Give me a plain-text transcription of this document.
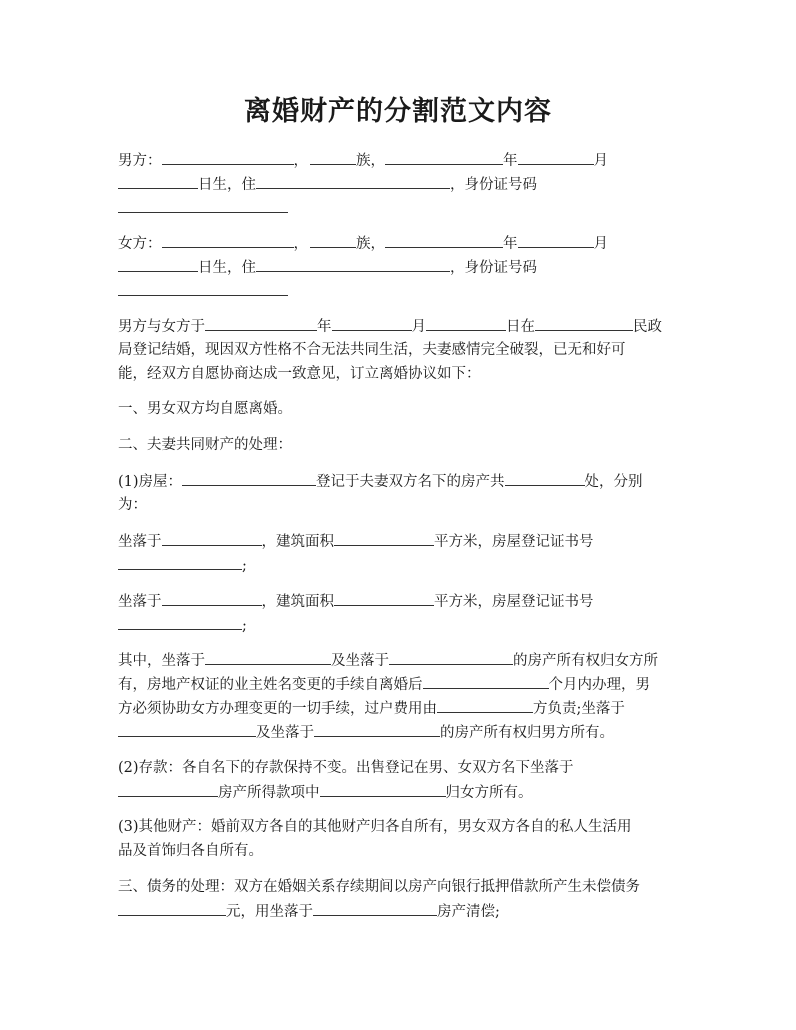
离婚财产的分割范文内容
男方：	，	族，	年	月
日生，住	，身份证号码
女方：	，	族，	年	月
日生，住	，身份证号码
男方与女方于	年	月	日在	民政
局登记结婚，现因双方性格不合无法共同生活，夫妻感情完全破裂，已无和好可
能，经双方自愿协商达成一致意见，订立离婚协议如下：
一、男女双方均自愿离婚。
二、夫妻共同财产的处理：
(1)房屋：	登记于夫妻双方名下的房产共	处，分别
为：
坐落于	，建筑面积	平方米，房屋登记证书号
;
坐落于	，建筑面积	平方米，房屋登记证书号
;
其中，坐落于	及坐落于	的房产所有权归女方所
有，房地产权证的业主姓名变更的手续自离婚后	个月内办理，男
方必须协助女方办理变更的一切手续，过户费用由	方负责;坐落于
及坐落于	的房产所有权归男方所有。
(2)存款：各自名下的存款保持不变。出售登记在男、女双方名下坐落于
房产所得款项中	归女方所有。
(3)其他财产：婚前双方各自的其他财产归各自所有，男女双方各自的私人生活用
品及首饰归各自所有。
三、债务的处理：双方在婚姻关系存续期间以房产向银行抵押借款所产生未偿债务
元，用坐落于	房产清偿;
